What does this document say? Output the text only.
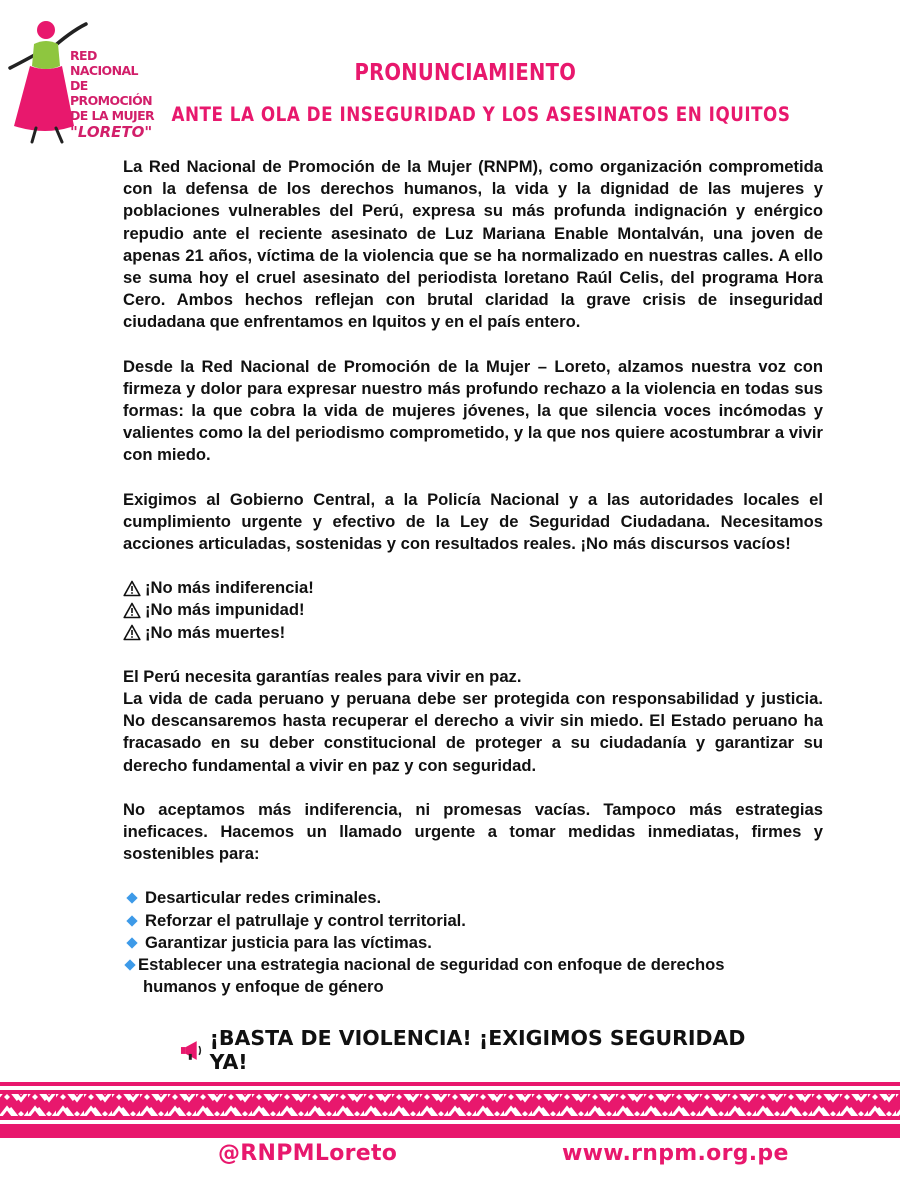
RED NACIONAL
DE PROMOCIÓN
DE LA MUJER
"LORETO"
PRONUNCIAMIENTO
ANTE LA OLA DE INSEGURIDAD Y LOS ASESINATOS EN IQUITOS

La Red Nacional de Promoción de la Mujer (RNPM), como organización comprometida con la defensa de los derechos humanos, la vida y la dignidad de las mujeres y poblaciones vulnerables del Perú, expresa su más profunda indignación y enérgico repudio ante el reciente asesinato de Luz Mariana Enable Montalván, una joven de apenas 21 años, víctima de la violencia que se ha normalizado en nuestras calles. A ello se suma hoy el cruel asesinato del periodista loretano Raúl Celis, del programa Hora Cero. Ambos hechos reflejan con brutal claridad la grave crisis de inseguridad ciudadana que enfrentamos en Iquitos y en el país entero.

Desde la Red Nacional de Promoción de la Mujer – Loreto, alzamos nuestra voz con firmeza y dolor para expresar nuestro más profundo rechazo a la violencia en todas sus formas: la que cobra la vida de mujeres jóvenes, la que silencia voces incómodas y valientes como la del periodismo comprometido, y la que nos quiere acostumbrar a vivir con miedo.

Exigimos al Gobierno Central, a la Policía Nacional y a las autoridades locales el cumplimiento urgente y efectivo de la Ley de Seguridad Ciudadana. Necesitamos acciones articuladas, sostenidas y con resultados reales. ¡No más discursos vacíos!

¡No más indiferencia!
¡No más impunidad!
¡No más muertes!

El Perú necesita garantías reales para vivir en paz.

La vida de cada peruano y peruana debe ser protegida con responsabilidad y justicia. No descansaremos hasta recuperar el derecho a vivir sin miedo. El Estado peruano ha fracasado en su deber constitucional de proteger a su ciudadanía y garantizar su derecho fundamental a vivir en paz y con seguridad.

No aceptamos más indiferencia, ni promesas vacías. Tampoco más estrategias ineficaces. Hacemos un llamado urgente a tomar medidas inmediatas, firmes y sostenibles para:

Desarticular redes criminales.
Reforzar el patrullaje y control territorial.
Garantizar justicia para las víctimas.
Establecer una estrategia nacional de seguridad con enfoque de derechos
humanos y enfoque de género
¡BASTA DE VIOLENCIA! ¡EXIGIMOS SEGURIDAD YA!
@RNPMLoreto	www.rnpm.org.pe
